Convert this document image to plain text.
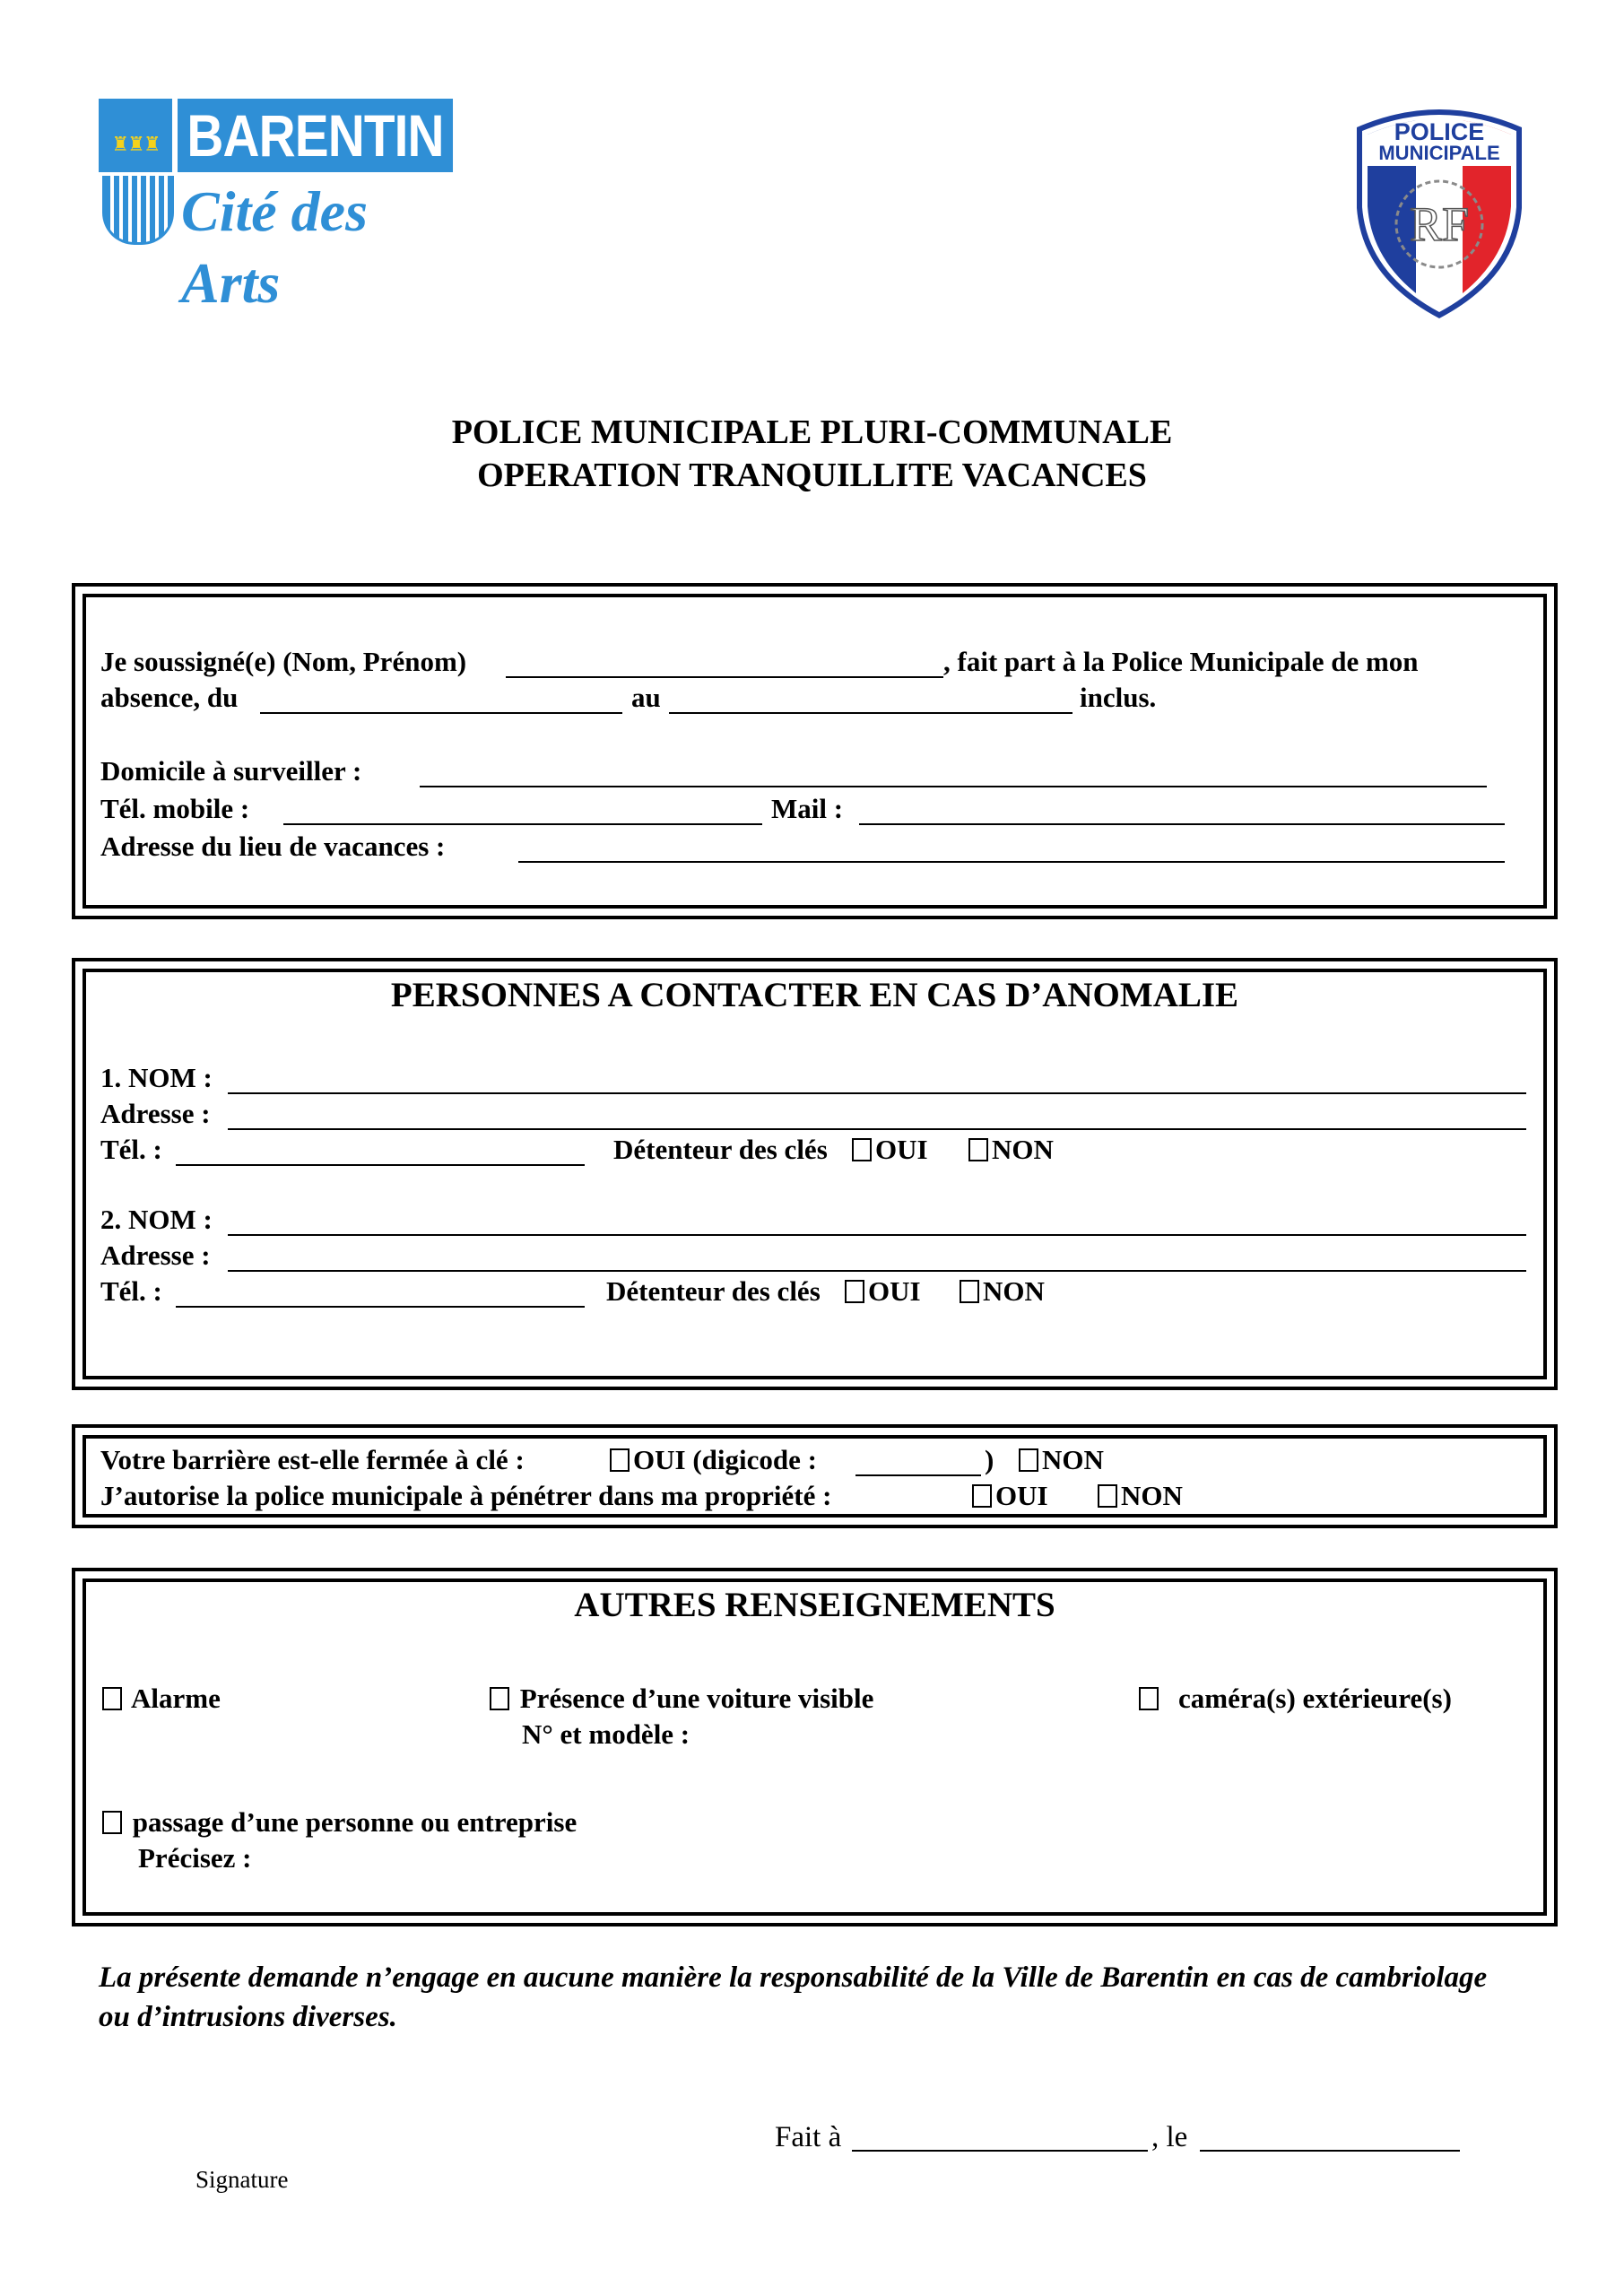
♜♜♜ BARENTIN
Cité des Arts
POLICE
MUNICIPALE
RF
POLICE MUNICIPALE PLURI-COMMUNALE
OPERATION TRANQUILLITE VACANCES
Je soussigné(e) (Nom, Prénom)	, fait part à la Police Municipale de mon
absence, du	au	inclus.
Domicile à surveiller :
Tél. mobile :	Mail :
Adresse du lieu de vacances :
PERSONNES A CONTACTER EN CAS D’ANOMALIE
1. NOM :
Adresse :
Tél. :	Détenteur des clés	OUI	NON
2. NOM :
Adresse :
Tél. :	Détenteur des clés	OUI	NON
Votre barrière est-elle fermée à clé :	OUI (digicode :	)	NON
J’autorise la police municipale à pénétrer dans ma propriété :	OUI	NON
AUTRES RENSEIGNEMENTS
Alarme	Présence d’une voiture visible
N° et modèle :
caméra(s) extérieure(s)
passage d’une personne ou entreprise
Précisez :
La présente demande n’engage en aucune manière la responsabilité de la Ville de Barentin en cas de cambriolage ou d’intrusions diverses.
Fait à	, le
Signature
